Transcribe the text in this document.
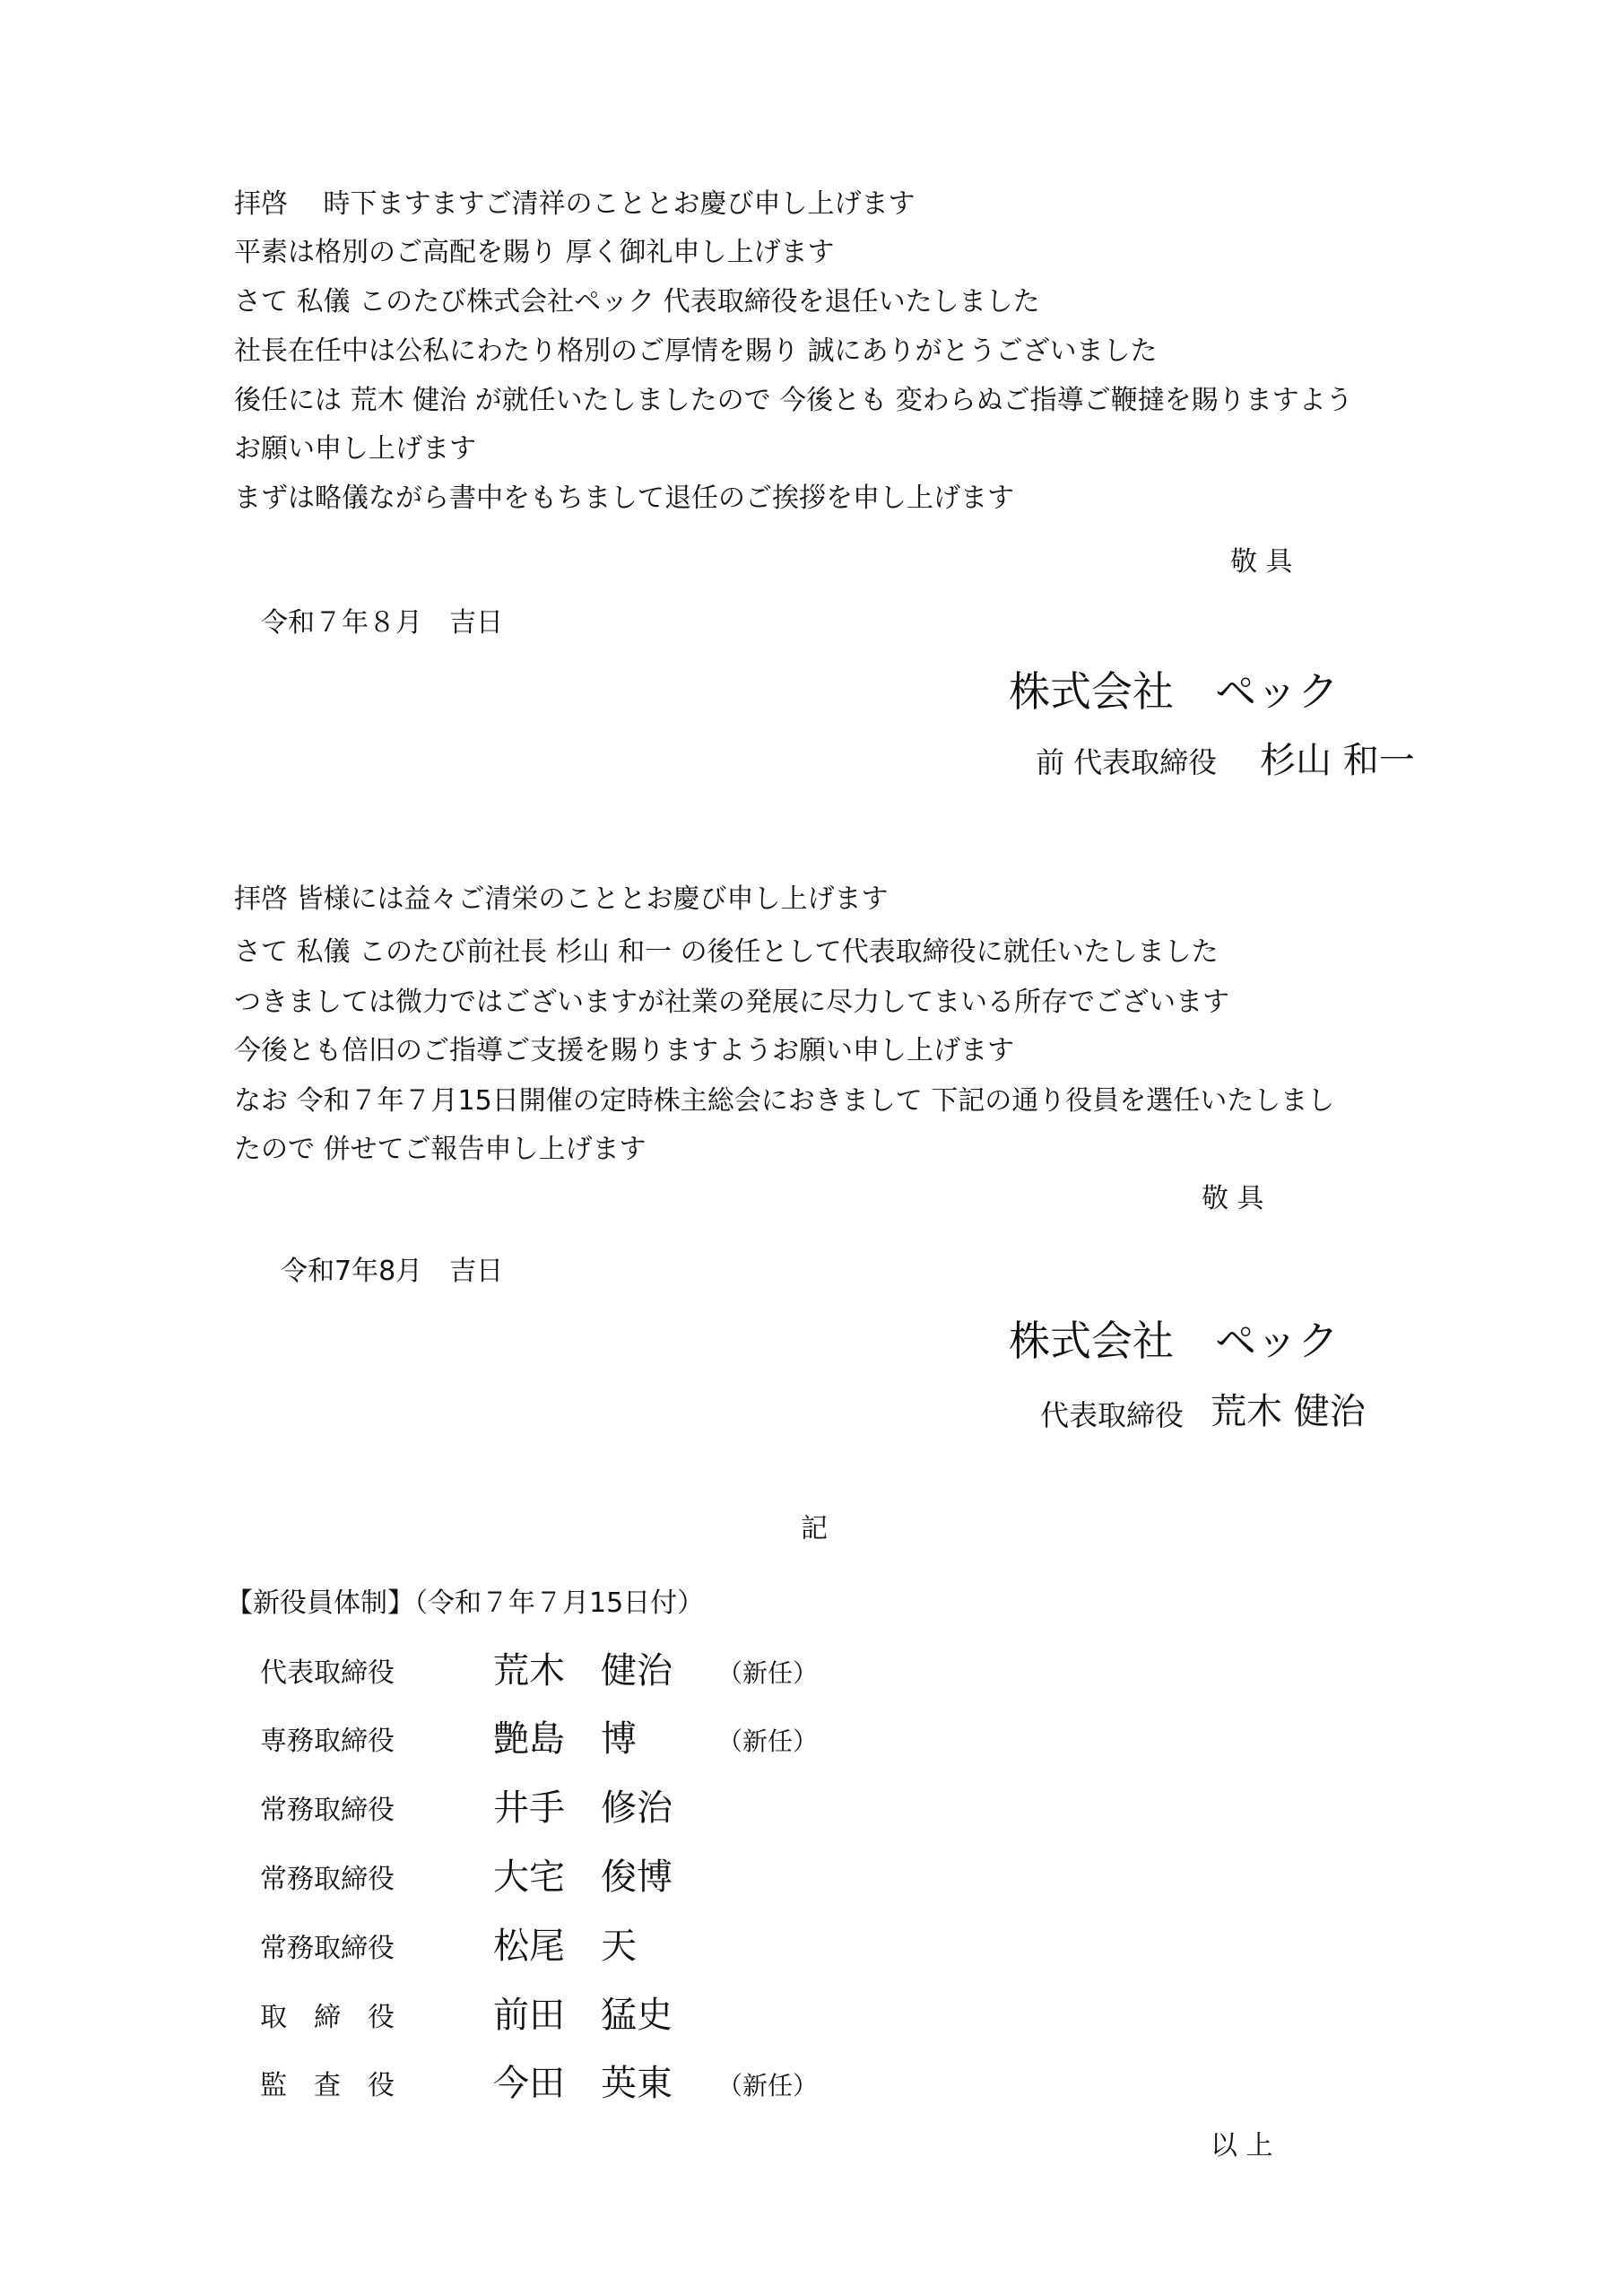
拝啓　 時下ますますご清祥のこととお慶び申し上げます
平素は格別のご高配を賜り 厚く御礼申し上げます
さて 私儀 このたび株式会社ペック 代表取締役を退任いたしました
社長在任中は公私にわたり格別のご厚情を賜り 誠にありがとうございました
後任には 荒木 健治 が就任いたしましたので 今後とも 変わらぬご指導ご鞭撻を賜りますよう
お願い申し上げます
まずは略儀ながら書中をもちまして退任のご挨拶を申し上げます
敬 具
令和７年８月　吉日
株式会社　ペック
前 代表取締役 杉山 和一
拝啓 皆様には益々ご清栄のこととお慶び申し上げます
さて 私儀 このたび前社長 杉山 和一 の後任として代表取締役に就任いたしました
つきましては微力ではございますが社業の発展に尽力してまいる所存でございます
今後とも倍旧のご指導ご支援を賜りますようお願い申し上げます
なお 令和７年７月15日開催の定時株主総会におきまして 下記の通り役員を選任いたしまし
たので 併せてご報告申し上げます
敬 具
令和7年8月　吉日
株式会社　ペック
代表取締役 荒木 健治
記
【新役員体制】（令和７年７月15日付）
代表取締役	荒木　健治 （新任）
専務取締役	艶島　博	（新任）
常務取締役	井手　修治
常務取締役	大宅　俊博
常務取締役	松尾　天
取　締　役	前田　猛史
監　査　役	今田　英東 （新任）
以 上
